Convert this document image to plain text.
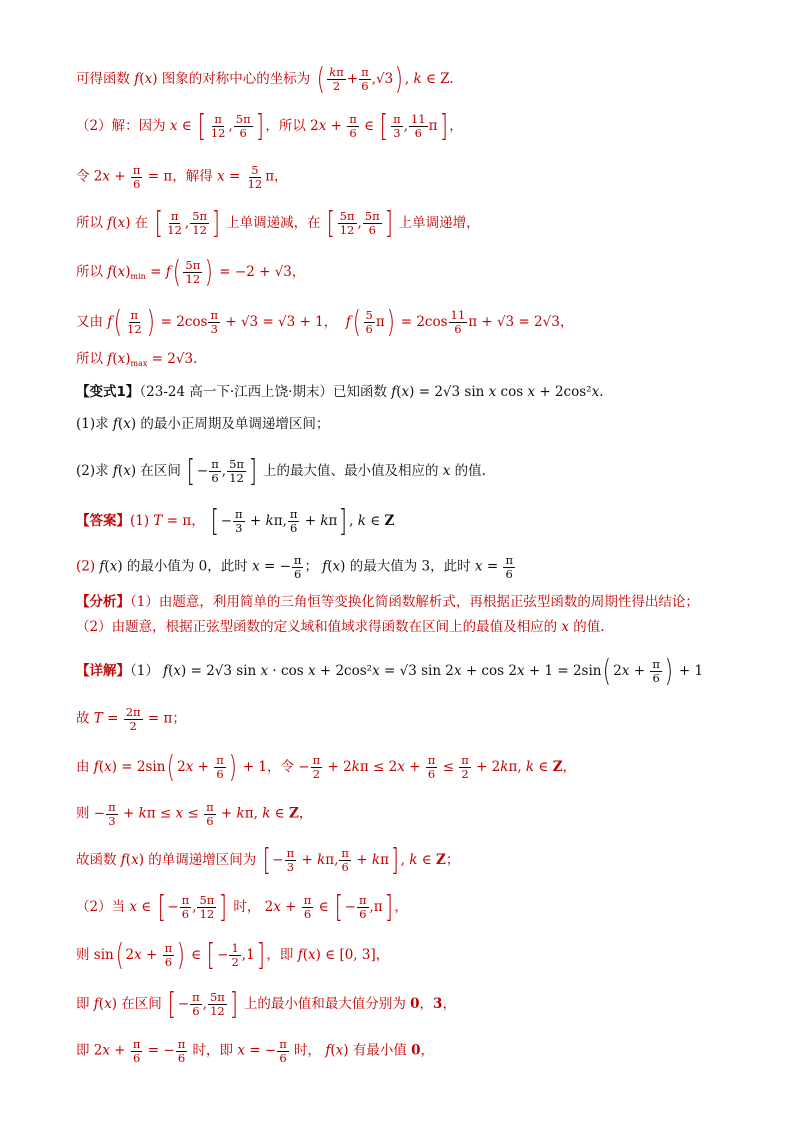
可得函数 f(x) 图象的对称中心的坐标为 ( $\frac{k\pi}{2} + \frac{\pi}{6} ,√3$) , k ∈ Z.
（2）解：因为 x ∈ [ $\frac{\pi}{12}$ , $\frac{5\pi}{6}$ ] ，所以 $2x + \frac{\pi}{6}$ ∈ [ $\frac{\pi}{3}$ , $\frac{11}{6} \pi$] ，
令 $2x + \frac{\pi}{6} = \pi$，解得 $x = \frac{5}{12}$ π，
所以 f(x) 在 [ $\frac{\pi}{12}$ , $\frac{5\pi}{12}$ ] 上单调递减，在 [ $\frac{5\pi}{12}$ , $\frac{5\pi}{6}$ ] 上单调递增，
所以 $f(x)_{min} = f( \frac{5\pi}{12}$ ) = −2 + √3，
又由 $f( \frac{\pi}{12}$ ) = $2\cos \frac{\pi}{3} + √3 = √3 + 1$，  $f( \frac{5}{6} \pi) = 2\cos \frac{11}{6}$ π + √3 = 2√3，
所以 $f(x)_{max} = 2√3$.
【变式1】（23-24 高一下·江西上饶·期末）已知函数 f(x) = 2√3 sin x cos x + 2cos²x.
(1)求 f(x) 的最小正周期及单调递增区间；
(2)求 f(x) 在区间 [ − $\frac{\pi}{6}$ , $\frac{5\pi}{12}$ ] 上的最大值、最小值及相应的 x 的值.
【答案】(1) T = π， [ − $\frac{\pi}{3} + k\pi$, $\frac{\pi}{6} + k\pi$] , k ∈ Z
(2) f(x) 的最小值为 0，此时 x = − $\frac{\pi}{6}$ ； f(x) 的最大值为 3，此时 $x = \frac{\pi}{6}$
【分析】（1）由题意，利用简单的三角恒等变换化简函数解析式，再根据正弦型函数的周期性得出结论；
（2）由题意，根据正弦型函数的定义域和值域求得函数在区间上的最值及相应的 x 的值.
【详解】（1） f(x) = 2√3 sin x · cos x + 2cos²x = √3 sin 2x + cos 2x + 1 = 2sin( $2x + \frac{\pi}{6}$ ) + 1
故 $T = \frac{2\pi}{2} = \pi$；
由 f(x) = 2sin( $2x + \frac{\pi}{6}$ ) + 1，令 − $\frac{\pi}{2} + 2k\pi \le 2x + \frac{\pi}{6} \le \frac{\pi}{2} + 2k\pi$, k ∈ Z，
则 − $\frac{\pi}{3} + k\pi \le x \le \frac{\pi}{6} + k\pi$, k ∈ Z，
故函数 f(x) 的单调递增区间为 [ − $\frac{\pi}{3} + k\pi$, $\frac{\pi}{6} + k\pi$] , k ∈ Z；
（2）当 x ∈ [ − $\frac{\pi}{6}$ , $\frac{5\pi}{12}$ ] 时， $2x + \frac{\pi}{6}$ ∈ [ − $\frac{\pi}{6} ,\pi$] ，
则 sin( $2x + \frac{\pi}{6}$ ) ∈ [ − $\frac{1}{2} ,1$] ，即 f(x) ∈ [0, 3]，
即 f(x) 在区间 [ − $\frac{\pi}{6}$ , $\frac{5\pi}{12}$ ] 上的最小值和最大值分别为 0，3，
即 $2x + \frac{\pi}{6}$ = − $\frac{\pi}{6}$ 时，即 x = − $\frac{\pi}{6}$ 时， f(x) 有最小值 0，
